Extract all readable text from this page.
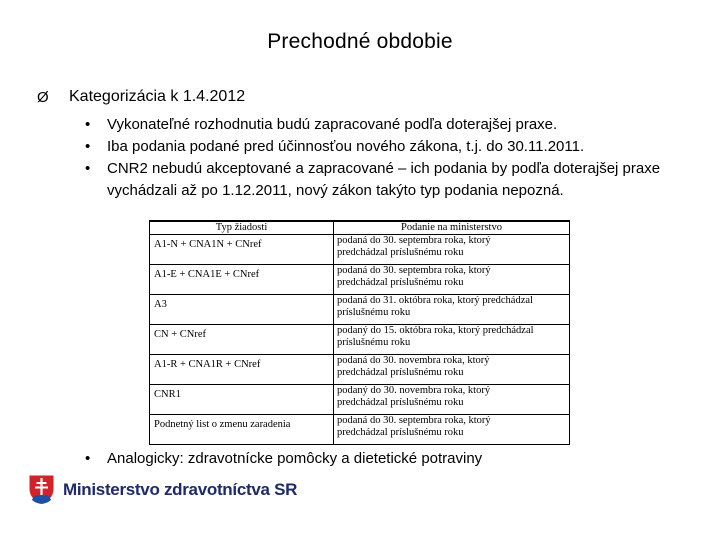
Prechodné obdobie
Ø	Kategorizácia k 1.4.2012
• Vykonateľné rozhodnutia budú zapracované podľa doterajšej praxe.
• Iba podania podané pred účinnosťou nového zákona, t.j. do 30.11.2011.
• CNR2 nebudú akceptované a zapracované – ich podania by podľa doterajšej praxe vychádzali až po 1.12.2011, nový zákon takýto typ podania nepozná.
Typ žiadosti	Podanie na ministerstvo
A1-N + CNA1N + CNref	podaná do 30. septembra roka, ktorý
predchádzal príslušnému roku

A1-E + CNA1E + CNref	podaná do 30. septembra roka, ktorý
predchádzal príslušnému roku

A3	podaná do 31. októbra roka, ktorý predchádzal
príslušnému roku

CN + CNref	podaný do 15. októbra roka, ktorý predchádzal
príslušnému roku

A1-R + CNA1R + CNref	podaná do 30. novembra roka, ktorý
predchádzal príslušnému roku

CNR1	podaný do 30. novembra roka, ktorý
predchádzal príslušnému roku

Podnetný list o zmenu zaradenia	podaná do 30. septembra roka, ktorý
predchádzal príslušnému roku
• Analogicky: zdravotnícke pomôcky a dietetické potraviny
Ministerstvo zdravotníctva SR
